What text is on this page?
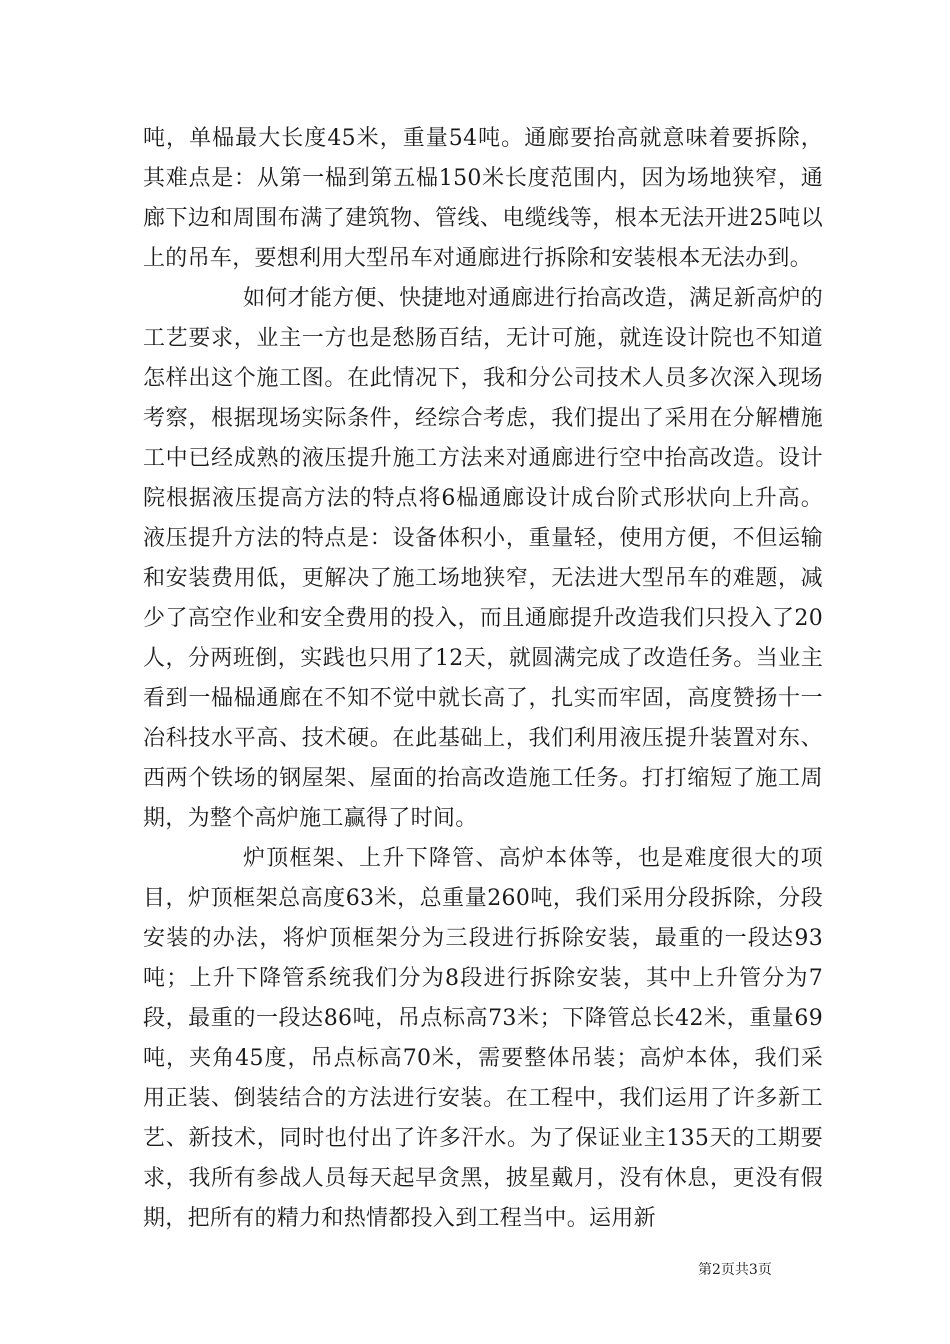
吨，单榀最大长度45米，重量54吨。通廊要抬高就意味着要拆除，其难点是：从第一榀到第五榀150米长度范围内，因为场地狭窄，通廊下边和周围布满了建筑物、管线、电缆线等，根本无法开进25吨以上的吊车，要想利用大型吊车对通廊进行拆除和安装根本无法办到。

如何才能方便、快捷地对通廊进行抬高改造，满足新高炉的工艺要求，业主一方也是愁肠百结，无计可施，就连设计院也不知道怎样出这个施工图。在此情况下，我和分公司技术人员多次深入现场考察，根据现场实际条件，经综合考虑，我们提出了采用在分解槽施工中已经成熟的液压提升施工方法来对通廊进行空中抬高改造。设计院根据液压提高方法的特点将6榀通廊设计成台阶式形状向上升高。液压提升方法的特点是：设备体积小，重量轻，使用方便，不但运输和安装费用低，更解决了施工场地狭窄，无法进大型吊车的难题，减少了高空作业和安全费用的投入，而且通廊提升改造我们只投入了20人，分两班倒，实践也只用了12天，就圆满完成了改造任务。当业主看到一榀榀通廊在不知不觉中就长高了，扎实而牢固，高度赞扬十一冶科技水平高、技术硬。在此基础上，我们利用液压提升装置对东、西两个铁场的钢屋架、屋面的抬高改造施工任务。打打缩短了施工周期，为整个高炉施工赢得了时间。

炉顶框架、上升下降管、高炉本体等，也是难度很大的项目，炉顶框架总高度63米，总重量260吨，我们采用分段拆除，分段安装的办法，将炉顶框架分为三段进行拆除安装，最重的一段达93吨；上升下降管系统我们分为8段进行拆除安装，其中上升管分为7段，最重的一段达86吨，吊点标高73米；下降管总长42米，重量69吨，夹角45度，吊点标高70米，需要整体吊装；高炉本体，我们采用正装、倒装结合的方法进行安装。在工程中，我们运用了许多新工艺、新技术，同时也付出了许多汗水。为了保证业主135天的工期要求，我所有参战人员每天起早贪黑，披星戴月，没有休息，更没有假期，把所有的精力和热情都投入到工程当中。运用新

第2页共3页
